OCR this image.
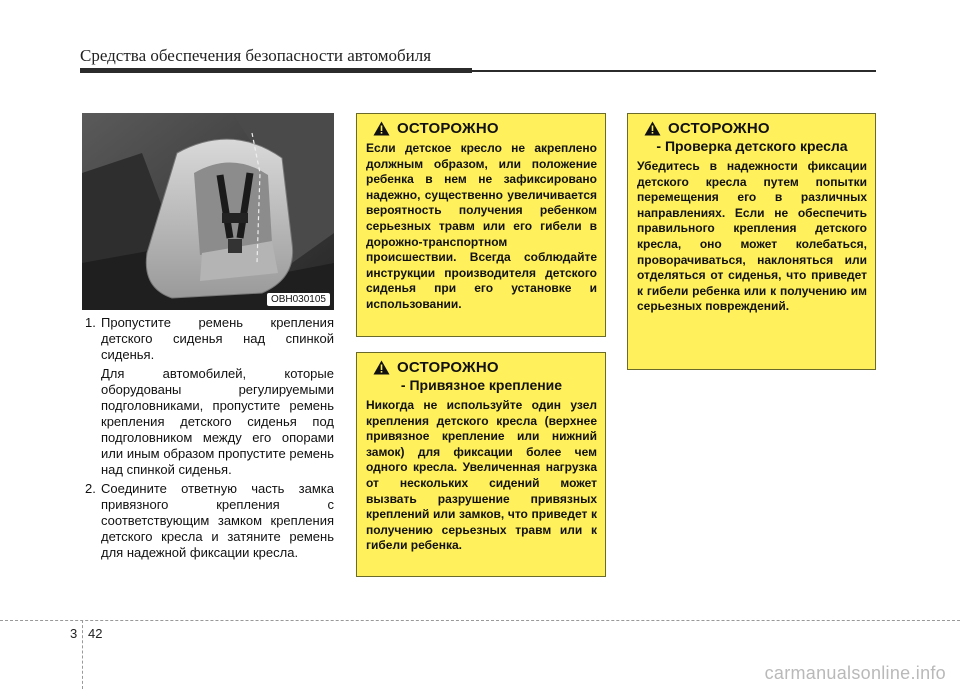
Средства обеспечения безопасности автомобиля
OBH030105
1. Пропустите ремень крепления детского сиденья над спинкой сиденья.
Для автомобилей, которые оборудованы регулируемыми подголовниками, пропустите ремень крепления детского сиденья под подголовником между его опорами или иным образом пропустите ремень над спинкой сиденья.
2. Соедините ответную часть замка привязного крепления с соответствующим замком крепления детского кресла и затяните ремень для надежной фиксации кресла.
ОСТОРОЖНО
Если детское кресло не акреплено должным образом, или положение ребенка в нем не зафиксировано надежно, существенно увеличивается вероятность получения ребенком серьезных травм или его гибели в дорожно-транспортном происшествии. Всегда соблюдайте инструкции производителя детского сиденья при его установке и использовании.
ОСТОРОЖНО
- Привязное крепление
Никогда не используйте один узел крепления детского кресла (верхнее привязное крепление или нижний замок) для фиксации более чем одного кресла. Увеличенная нагрузка от нескольких сидений может вызвать разрушение привязных креплений или замков, что приведет к получению серьезных травм или к гибели ребенка.
ОСТОРОЖНО
- Проверка детского кресла
Убедитесь в надежности фиксации детского кресла путем попытки перемещения его в различных направлениях. Если не обеспечить правильного крепления детского кресла, оно может колебаться, проворачиваться, наклоняться или отделяться от сиденья, что приведет к гибели ребенка или к получению им серьезных повреждений.
3 42
carmanualsonline.info
